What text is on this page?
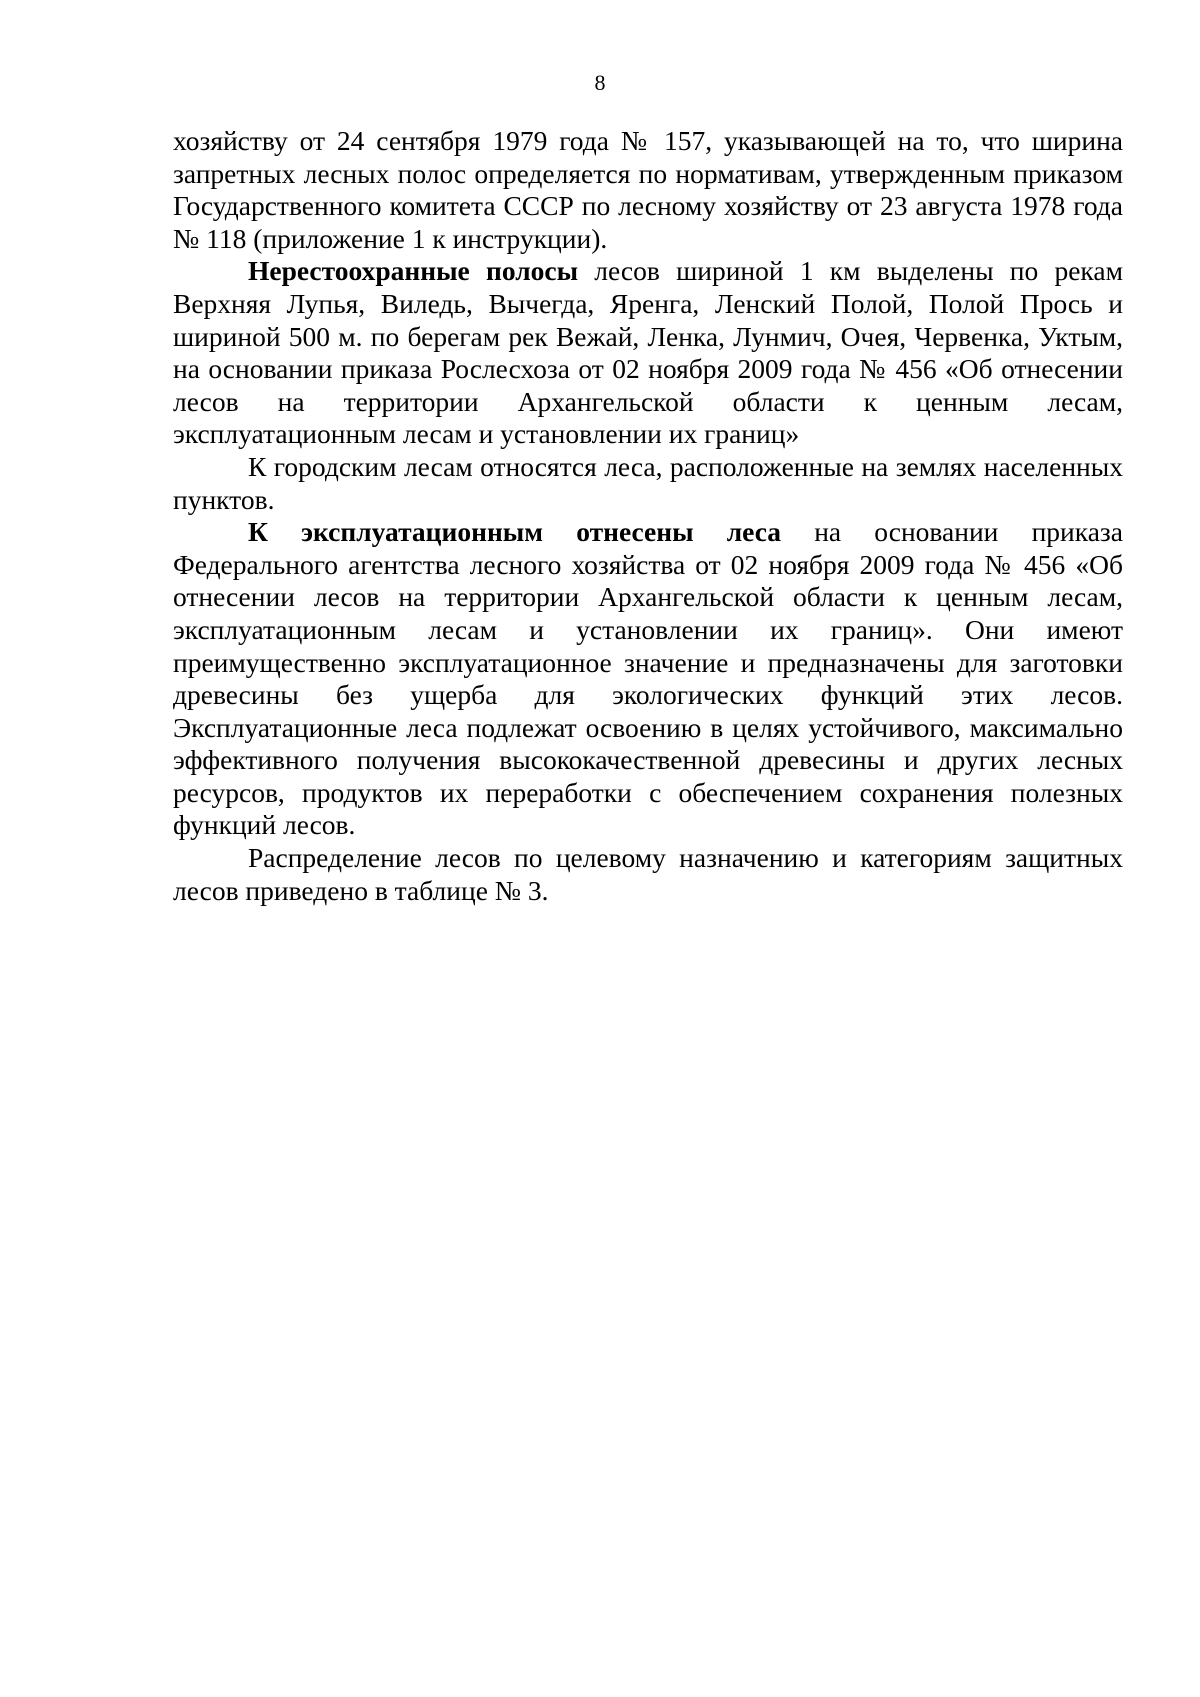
8

хозяйству от 24 сентября 1979 года № 157, указывающей на то, что ширина запретных лесных полос определяется по нормативам, утвержденным приказом Государственного комитета СССР по лесному хозяйству от 23 августа 1978 года № 118 (приложение 1 к инструкции).

Нерестоохранные полосы лесов шириной 1 км выделены по рекам Верхняя Лупья, Виледь, Вычегда, Яренга, Ленский Полой, Полой Прось и шириной 500 м. по берегам рек Вежай, Ленка, Лунмич, Очея, Червенка, Уктым, на основании приказа Рослесхоза от 02 ноября 2009 года № 456 «Об отнесении лесов на территории Архангельской области к ценным лесам, эксплуатационным лесам и установлении их границ»

К городским лесам относятся леса, расположенные на землях населенных пунктов.

К эксплуатационным отнесены леса на основании приказа Федерального агентства лесного хозяйства от 02 ноября 2009 года № 456 «Об отнесении лесов на территории Архангельской области к ценным лесам, эксплуатационным лесам и установлении их границ». Они имеют преимущественно эксплуатационное значение и предназначены для заготовки древесины без ущерба для экологических функций этих лесов. Эксплуатационные леса подлежат освоению в целях устойчивого, максимально эффективного получения высококачественной древесины и других лесных ресурсов, продуктов их переработки с обеспечением сохранения полезных функций лесов.

Распределение лесов по целевому назначению и категориям защитных лесов приведено в таблице № 3.
